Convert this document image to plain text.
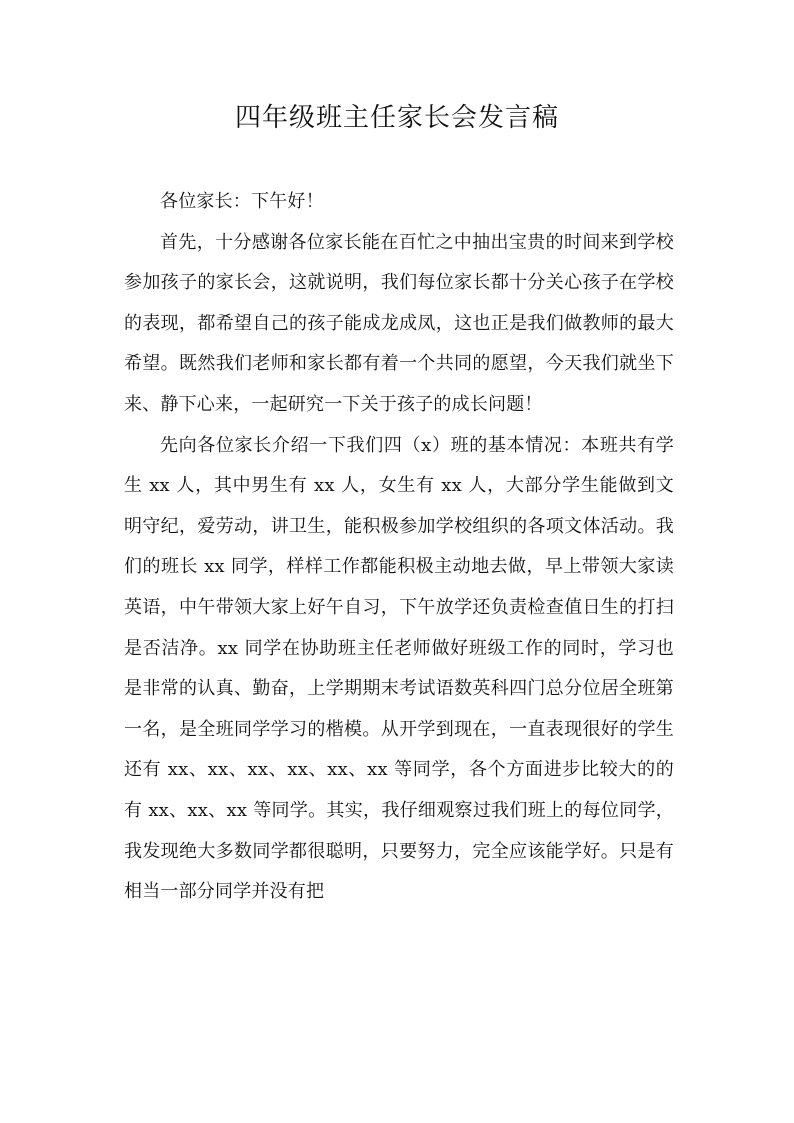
四年级班主任家长会发言稿

各位家长：下午好！

首先，十分感谢各位家长能在百忙之中抽出宝贵的时间来到学校参加孩子的家长会，这就说明，我们每位家长都十分关心孩子在学校的表现，都希望自己的孩子能成龙成凤，这也正是我们做教师的最大希望。既然我们老师和家长都有着一个共同的愿望，今天我们就坐下来、静下心来，一起研究一下关于孩子的成长问题！

先向各位家长介绍一下我们四（x）班的基本情况：本班共有学生 xx 人，其中男生有 xx 人，女生有 xx 人，大部分学生能做到文明守纪，爱劳动，讲卫生，能积极参加学校组织的各项文体活动。我们的班长 xx 同学，样样工作都能积极主动地去做，早上带领大家读英语，中午带领大家上好午自习，下午放学还负责检查值日生的打扫是否洁净。xx 同学在协助班主任老师做好班级工作的同时，学习也是非常的认真、勤奋，上学期期末考试语数英科四门总分位居全班第一名，是全班同学学习的楷模。从开学到现在，一直表现很好的学生还有 xx、xx、xx、xx、xx、xx 等同学，各个方面进步比较大的的有 xx、xx、xx 等同学。其实，我仔细观察过我们班上的每位同学，我发现绝大多数同学都很聪明，只要努力，完全应该能学好。只是有相当一部分同学并没有把
